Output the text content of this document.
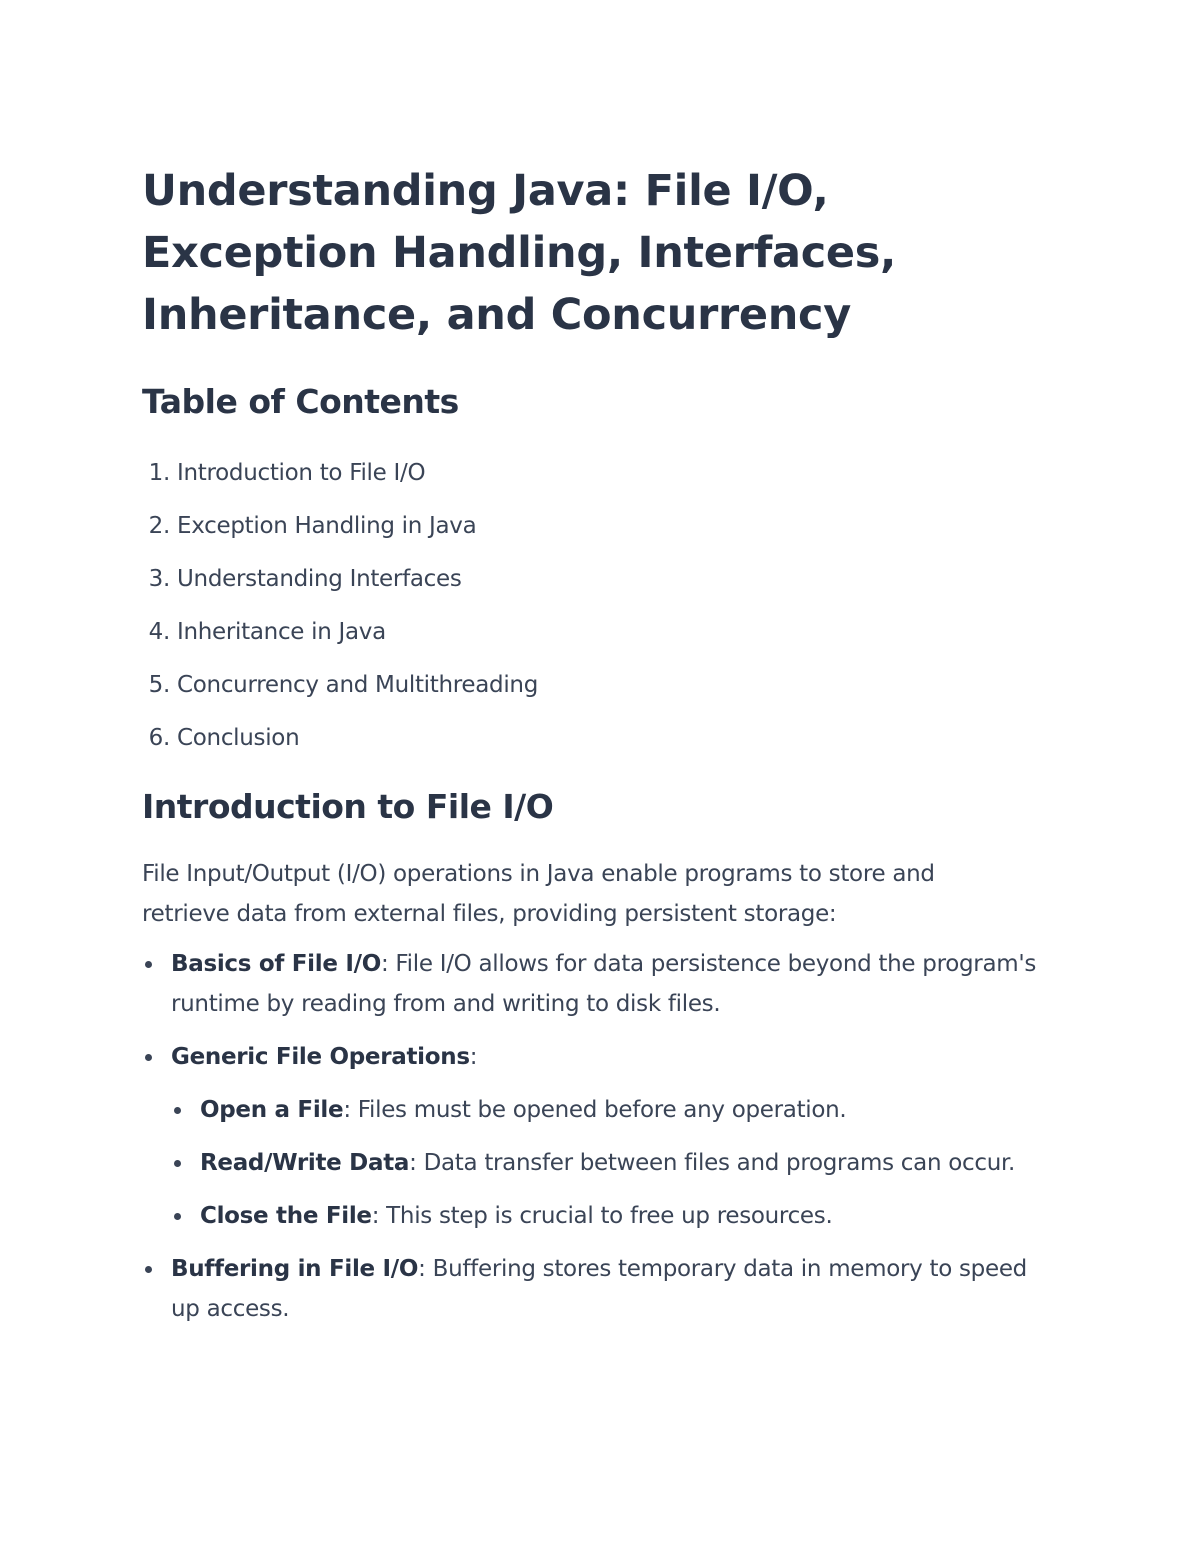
Understanding Java: File I/O, Exception Handling, Interfaces, Inheritance, and Concurrency
Table of Contents
1. Introduction to File I/O
2. Exception Handling in Java
3. Understanding Interfaces
4. Inheritance in Java
5. Concurrency and Multithreading
6. Conclusion
Introduction to File I/O

File Input/Output (I/O) operations in Java enable programs to store and retrieve data from external files, providing persistent storage:

Basics of File I/O: File I/O allows for data persistence beyond the program's runtime by reading from and writing to disk files.
Generic File Operations:
Open a File: Files must be opened before any operation.
Read/Write Data: Data transfer between files and programs can occur.
Close the File: This step is crucial to free up resources.
Buffering in File I/O: Buffering stores temporary data in memory to speed up access.
